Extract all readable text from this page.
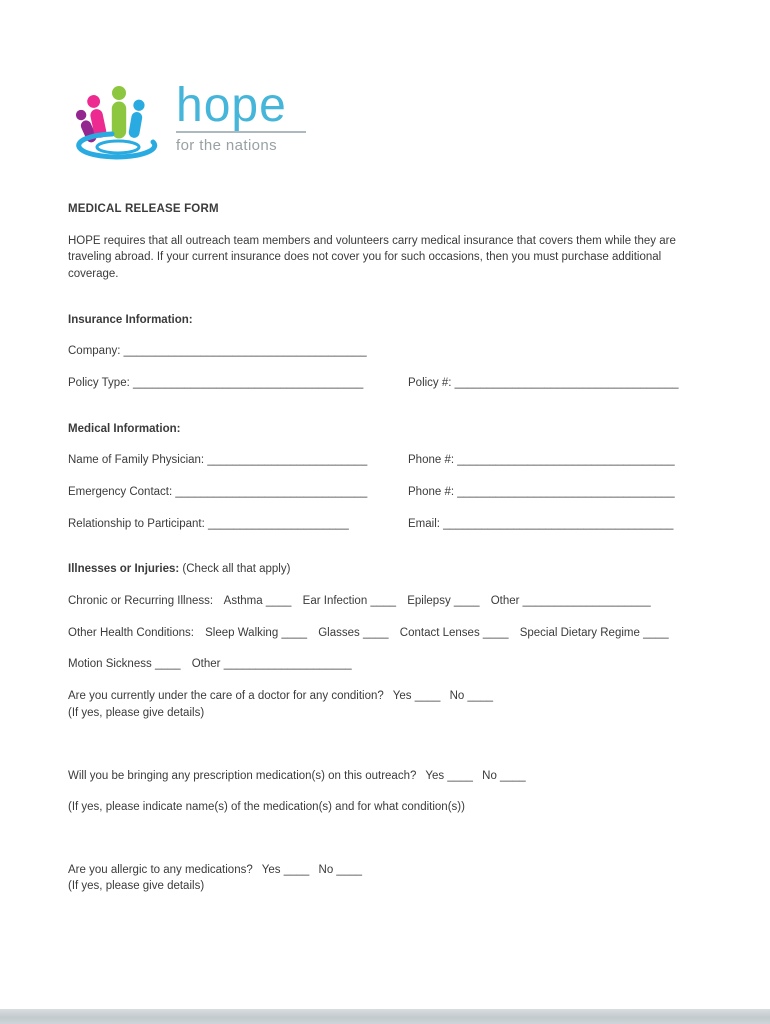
hope
for the nations
MEDICAL RELEASE FORM

HOPE requires that all outreach team members and volunteers carry medical insurance that covers them while they are traveling abroad. If your current insurance does not cover you for such occasions, then you must purchase additional coverage.

Insurance Information:
Company: ______________________________________
Policy Type: ____________________________________	Policy #: ___________________________________
Medical Information:
Name of Family Physician: _________________________	Phone #: __________________________________
Emergency Contact: ______________________________	Phone #: __________________________________
Relationship to Participant: ______________________	Email: ____________________________________
Illnesses or Injuries: (Check all that apply)
Chronic or Recurring Illness: Asthma ____ Ear Infection ____ Epilepsy ____ Other ____________________
Other Health Conditions: Sleep Walking ____ Glasses ____ Contact Lenses ____ Special Dietary Regime ____
Motion Sickness ____ Other ____________________
Are you currently under the care of a doctor for any condition? Yes ____ No ____
(If yes, please give details)
Will you be bringing any prescription medication(s) on this outreach? Yes ____ No ____
(If yes, please indicate name(s) of the medication(s) and for what condition(s))
Are you allergic to any medications? Yes ____ No ____
(If yes, please give details)
